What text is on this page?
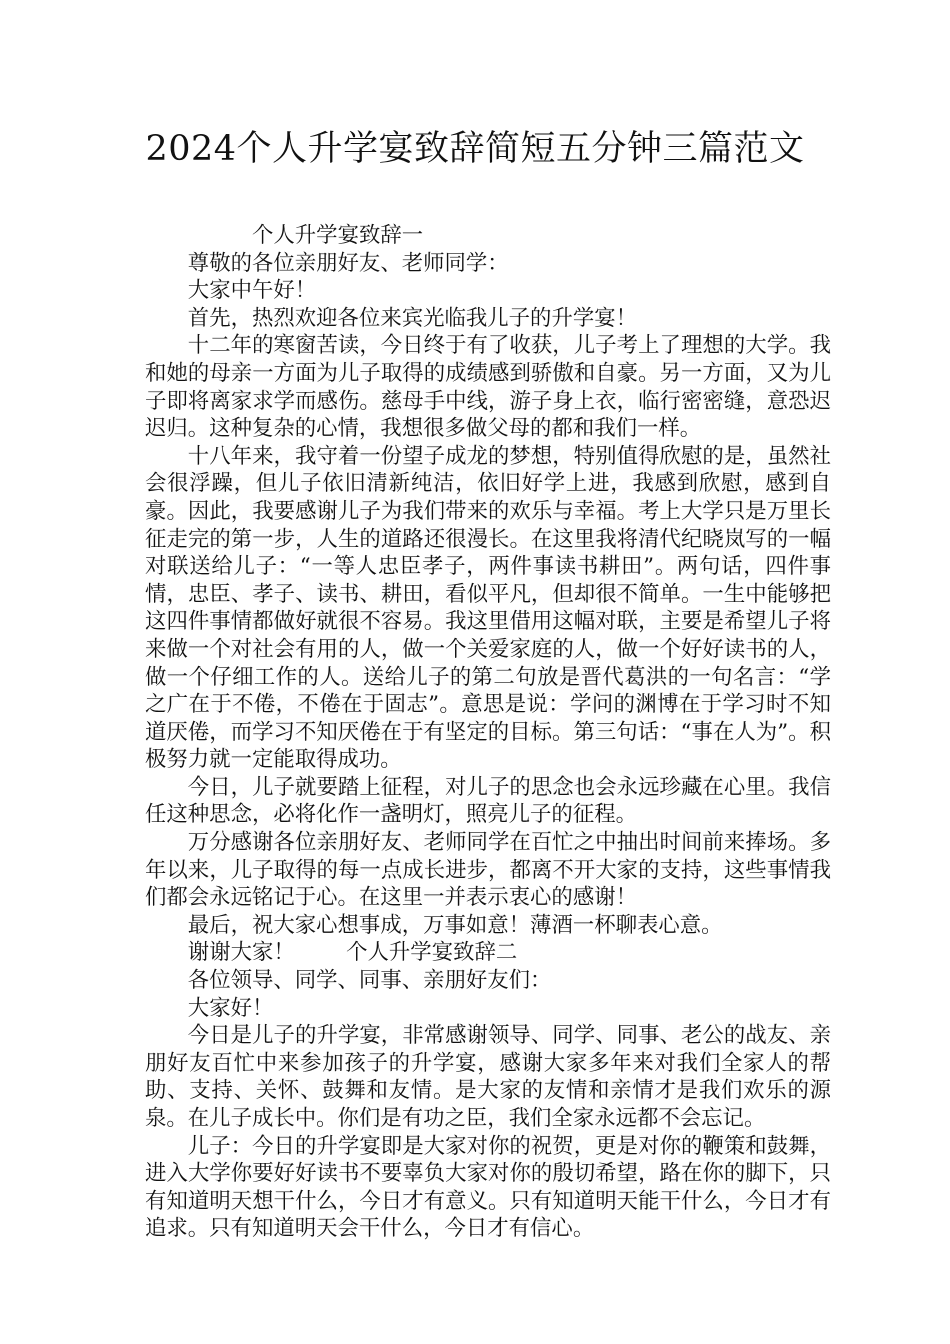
2024个人升学宴致辞简短五分钟三篇范文

个人升学宴致辞一

尊敬的各位亲朋好友、老师同学：

大家中午好！

首先，热烈欢迎各位来宾光临我儿子的升学宴！

十二年的寒窗苦读，今日终于有了收获，儿子考上了理想的大学。我和她的母亲一方面为儿子取得的成绩感到骄傲和自豪。另一方面，又为儿子即将离家求学而感伤。慈母手中线，游子身上衣，临行密密缝，意恐迟迟归。这种复杂的心情，我想很多做父母的都和我们一样。

十八年来，我守着一份望子成龙的梦想，特别值得欣慰的是，虽然社会很浮躁，但儿子依旧清新纯洁，依旧好学上进，我感到欣慰，感到自豪。因此，我要感谢儿子为我们带来的欢乐与幸福。考上大学只是万里长征走完的第一步，人生的道路还很漫长。在这里我将清代纪晓岚写的一幅对联送给儿子：“一等人忠臣孝子，两件事读书耕田”。两句话，四件事情，忠臣、孝子、读书、耕田，看似平凡，但却很不简单。一生中能够把这四件事情都做好就很不容易。我这里借用这幅对联，主要是希望儿子将来做一个对社会有用的人，做一个关爱家庭的人，做一个好好读书的人，做一个仔细工作的人。送给儿子的第二句放是晋代葛洪的一句名言：“学之广在于不倦，不倦在于固志”。意思是说：学问的渊博在于学习时不知道厌倦，而学习不知厌倦在于有坚定的目标。第三句话：“事在人为”。积极努力就一定能取得成功。

今日，儿子就要踏上征程，对儿子的思念也会永远珍藏在心里。我信任这种思念，必将化作一盏明灯，照亮儿子的征程。

万分感谢各位亲朋好友、老师同学在百忙之中抽出时间前来捧场。多年以来，儿子取得的每一点成长进步，都离不开大家的支持，这些事情我们都会永远铭记于心。在这里一并表示衷心的感谢！

最后，祝大家心想事成，万事如意！薄酒一杯聊表心意。

谢谢大家！ 个人升学宴致辞二

各位领导、同学、同事、亲朋好友们：

大家好！

今日是儿子的升学宴，非常感谢领导、同学、同事、老公的战友、亲朋好友百忙中来参加孩子的升学宴，感谢大家多年来对我们全家人的帮助、支持、关怀、鼓舞和友情。是大家的友情和亲情才是我们欢乐的源泉。在儿子成长中。你们是有功之臣，我们全家永远都不会忘记。

儿子：今日的升学宴即是大家对你的祝贺，更是对你的鞭策和鼓舞，进入大学你要好好读书不要辜负大家对你的殷切希望，路在你的脚下，只有知道明天想干什么，今日才有意义。只有知道明天能干什么，今日才有追求。只有知道明天会干什么，今日才有信心。
